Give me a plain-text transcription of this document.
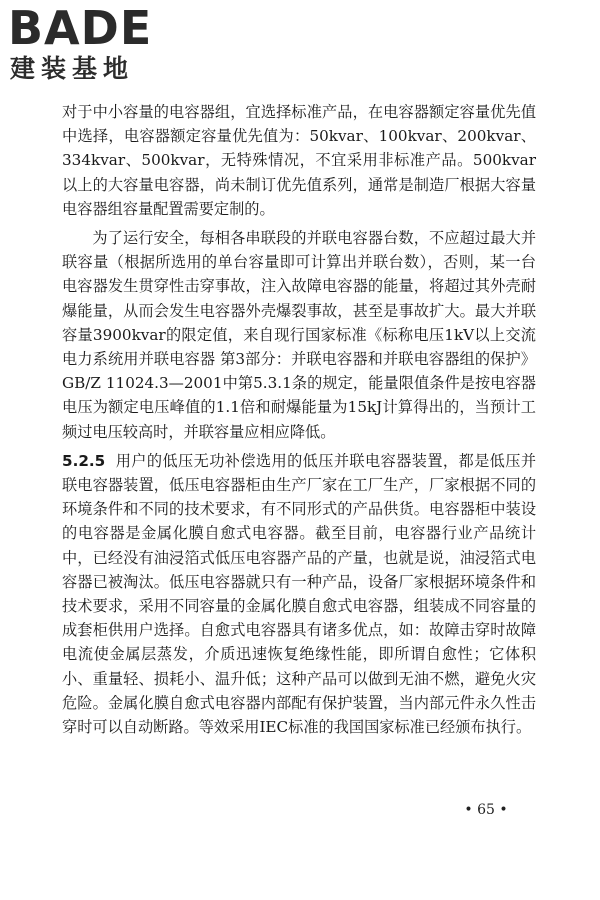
BADE
建装基地

对于中小容量的电容器组，宜选择标准产品，在电容器额定容量优先值中选择，电容器额定容量优先值为：50kvar、100kvar、200kvar、334kvar、500kvar，无特殊情况，不宜采用非标准产品。500kvar以上的大容量电容器，尚未制订优先值系列，通常是制造厂根据大容量电容器组容量配置需要定制的。

为了运行安全，每相各串联段的并联电容器台数，不应超过最大并联容量（根据所选用的单台容量即可计算出并联台数），否则，某一台电容器发生贯穿性击穿事故，注入故障电容器的能量，将超过其外壳耐爆能量，从而会发生电容器外壳爆裂事故，甚至是事故扩大。最大并联容量3900kvar的限定值，来自现行国家标准《标称电压1kV以上交流电力系统用并联电容器 第3部分：并联电容器和并联电容器组的保护》GB/Z 11024.3—2001中第5.3.1条的规定，能量限值条件是按电容器电压为额定电压峰值的1.1倍和耐爆能量为15kJ计算得出的，当预计工频过电压较高时，并联容量应相应降低。

5.2.5 用户的低压无功补偿选用的低压并联电容器装置，都是低压并联电容器装置，低压电容器柜由生产厂家在工厂生产，厂家根据不同的环境条件和不同的技术要求，有不同形式的产品供货。电容器柜中装设的电容器是金属化膜自愈式电容器。截至目前，电容器行业产品统计中，已经没有油浸箔式低压电容器产品的产量，也就是说，油浸箔式电容器已被淘汰。低压电容器就只有一种产品，设备厂家根据环境条件和技术要求，采用不同容量的金属化膜自愈式电容器，组装成不同容量的成套柜供用户选择。自愈式电容器具有诸多优点，如：故障击穿时故障电流使金属层蒸发，介质迅速恢复绝缘性能，即所谓自愈性；它体积小、重量轻、损耗小、温升低；这种产品可以做到无油不燃，避免火灾危险。金属化膜自愈式电容器内部配有保护装置，当内部元件永久性击穿时可以自动断路。等效采用IEC标准的我国国家标准已经颁布执行。

• 65 •
